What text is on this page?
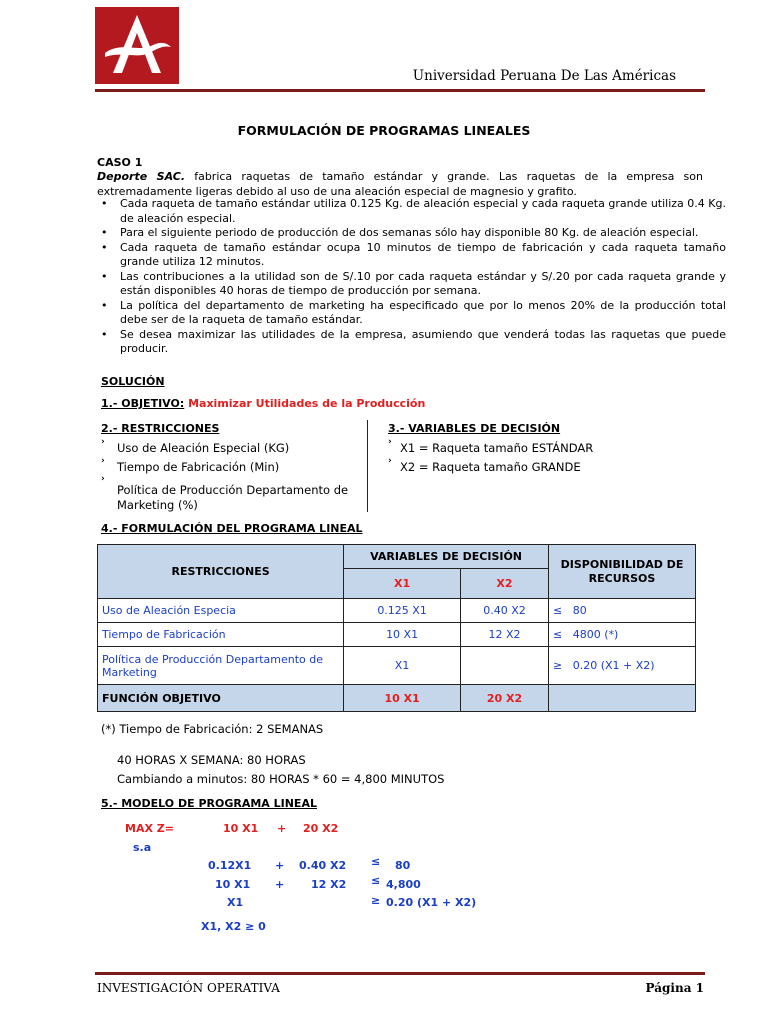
Universidad Peruana De Las Américas
FORMULACIÓN DE PROGRAMAS LINEALES
CASO 1
Deporte SAC. fabrica raquetas de tamaño estándar y grande. Las raquetas de la empresa son extremadamente ligeras debido al uso de una aleación especial de magnesio y grafito.
• Cada raqueta de tamaño estándar utiliza 0.125 Kg. de aleación especial y cada raqueta grande utiliza 0.4 Kg. de aleación especial.
• Para el siguiente periodo de producción de dos semanas sólo hay disponible 80 Kg. de aleación especial.
• Cada raqueta de tamaño estándar ocupa 10 minutos de tiempo de fabricación y cada raqueta tamaño grande utiliza 12 minutos.
• Las contribuciones a la utilidad son de S/.10 por cada raqueta estándar y S/.20 por cada raqueta grande y están disponibles 40 horas de tiempo de producción por semana.
• La política del departamento de marketing ha especificado que por lo menos 20% de la producción total debe ser de la raqueta de tamaño estándar.
• Se desea maximizar las utilidades de la empresa, asumiendo que venderá todas las raquetas que puede producir.
SOLUCIÓN
1.- OBJETIVO: Maximizar Utilidades de la Producción
2.- RESTRICCIONES
› Uso de Aleación Especial (KG)
› Tiempo de Fabricación (Min)
›
Política de Producción Departamento de Marketing (%)
3.- VARIABLES DE DECISIÓN
› X1 = Raqueta tamaño ESTÁNDAR
› X2 = Raqueta tamaño GRANDE
4.- FORMULACIÓN DEL PROGRAMA LINEAL
RESTRICCIONES	VARIABLES DE DECISIÓN		DISPONIBILIDAD DE RECURSOS
	X1	X2	
Uso de Aleación Especia	0.125 X1	0.40 X2	≤ 80
Tiempo de Fabricación	10 X1	12 X2	≤ 4800 (*)
Política de Producción Departamento de Marketing	X1		≥ 0.20 (X1 + X2)
FUNCIÓN OBJETIVO	10 X1	20 X2	
(*) Tiempo de Fabricación: 2 SEMANAS
40 HORAS X SEMANA: 80 HORAS
Cambiando a minutos: 80 HORAS * 60 = 4,800 MINUTOS
5.- MODELO DE PROGRAMA LINEAL
MAX Z=	10 X1 + 20 X2
s.a
0.12X1 + 0.40 X2 ≤ 80
10 X1 + 12 X2 ≤ 4,800
X1	≥ 0.20 (X1 + X2)
X1, X2 ≥ 0
INVESTIGACIÓN OPERATIVA	Página 1
